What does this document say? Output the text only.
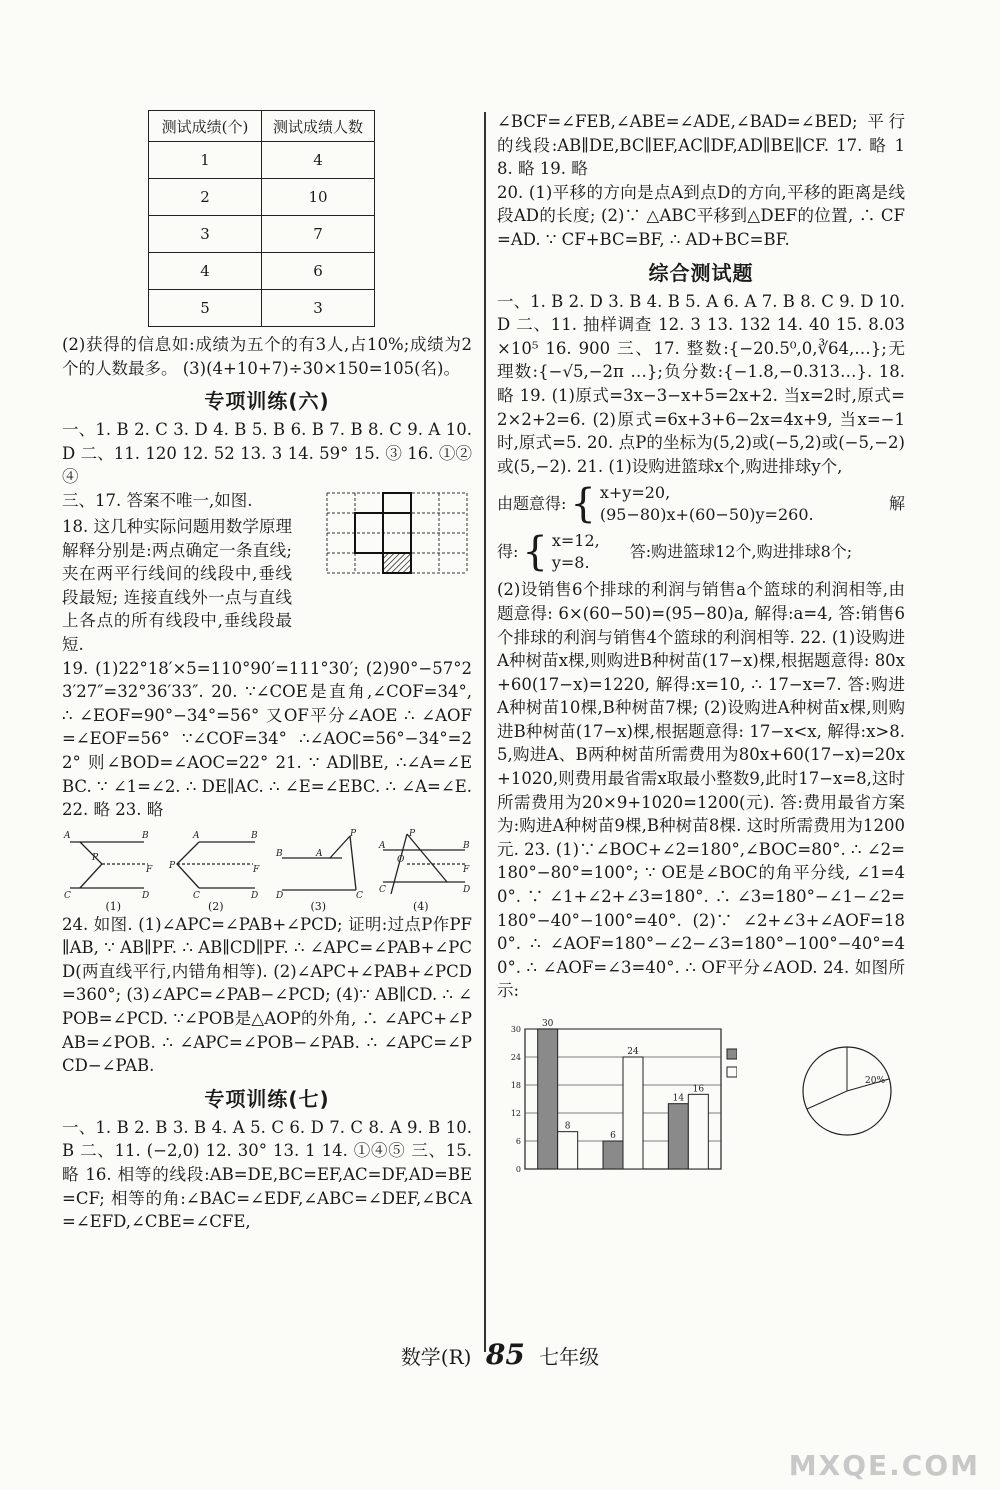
测试成绩(个)	测试成绩人数
1	4
2	10
3	7
4	6
5	3

(2)获得的信息如:成绩为五个的有3人,占10%;成绩为2个的人数最多。 (3)(4+10+7)÷30×150=105(名)。

专项训练(六)

一、1. B 2. C 3. D 4. B 5. B 6. B 7. B 8. C 9. A 10. D 二、11. 120 12. 52 13. 3 14. 59° 15. ③ 16. ①②④

三、17. 答案不唯一,如图.

18. 这几种实际问题用数学原理解释分别是:两点确定一条直线;夹在两平行线间的线段中,垂线段最短; 连接直线外一点与直线上各点的所有线段中,垂线段最短.

19. (1)22°18′×5=110°90′=111°30′; (2)90°−57°23′27″=32°36′33″. 20. ∵∠COE是直角,∠COF=34°, ∴ ∠EOF=90°−34°=56° 又OF平分∠AOE ∴ ∠AOF=∠EOF=56° ∵∠COF=34° ∴∠AOC=56°−34°=22° 则∠BOD=∠AOC=22° 21. ∵ AD∥BE, ∴∠A=∠EBC. ∵ ∠1=∠2. ∴ DE∥AC. ∴ ∠E=∠EBC. ∴ ∠A=∠E. 22. 略 23. 略

A	B
C	D
P
F
A	B
C	D
P	F
B	A
P
D	C
P
A	B
C	D
O
F
(1)	(2)	(3)	(4)

24. 如图. (1)∠APC=∠PAB+∠PCD; 证明:过点P作PF∥AB, ∵ AB∥PF. ∴ AB∥CD∥PF. ∴ ∠APC=∠PAB+∠PCD(两直线平行,内错角相等). (2)∠APC+∠PAB+∠PCD=360°; (3)∠APC=∠PAB−∠PCD; (4)∵ AB∥CD. ∴ ∠POB=∠PCD. ∵∠POB是△AOP的外角, ∴ ∠APC+∠PAB=∠POB. ∴ ∠APC=∠POB−∠PAB. ∴ ∠APC=∠PCD−∠PAB.

专项训练(七)

一、1. B 2. B 3. B 4. A 5. C 6. D 7. C 8. A 9. B 10. B 二、11. (−2,0) 12. 30° 13. 1 14. ①④⑤ 三、15. 略 16. 相等的线段:AB=DE,BC=EF,AC=DF,AD=BE=CF; 相等的角:∠BAC=∠EDF,∠ABC=∠DEF,∠BCA=∠EFD,∠CBE=∠CFE,

∠BCF=∠FEB,∠ABE=∠ADE,∠BAD=∠BED; 平行的线段:AB∥DE,BC∥EF,AC∥DF,AD∥BE∥CF. 17. 略 18. 略 19. 略

20. (1)平移的方向是点A到点D的方向,平移的距离是线段AD的长度; (2)∵ △ABC平移到△DEF的位置, ∴ CF=AD. ∵ CF+BC=BF, ∴ AD+BC=BF.

综合测试题

一、1. B 2. D 3. B 4. B 5. A 6. A 7. B 8. C 9. D 10. D 二、11. 抽样调查 12. 3 13. 132 14. 40 15. 8.03×10⁵ 16. 900 三、17. 整数:{−20.5⁰,0,∛64,…};无理数:{−√5,−2π …};负分数:{−1.8,−0.313…}. 18. 略 19. (1)原式=3x−3−x+5=2x+2. 当x=2时,原式=2×2+2=6. (2)原式=6x+3+6−2x=4x+9, 当x=−1时,原式=5. 20. 点P的坐标为(5,2)或(−5,2)或(−5,−2)或(5,−2). 21. (1)设购进篮球x个,购进排球y个,

由题意得: { x+y=20,
(95−80)x+(60−50)y=260.
解
得: { x=12,
y=8.
答:购进篮球12个,购进排球8个;

(2)设销售6个排球的利润与销售a个篮球的利润相等,由题意得: 6×(60−50)=(95−80)a, 解得:a=4, 答:销售6个排球的利润与销售4个篮球的利润相等. 22. (1)设购进A种树苗x棵,则购进B种树苗(17−x)棵,根据题意得: 80x+60(17−x)=1220, 解得:x=10, ∴ 17−x=7. 答:购进A种树苗10棵,B种树苗7棵; (2)设购进A种树苗x棵,则购进B种树苗(17−x)棵,根据题意得: 17−x<x, 解得:x>8.5,购进A、B两种树苗所需费用为80x+60(17−x)=20x+1020,则费用最省需x取最小整数9,此时17−x=8,这时所需费用为20×9+1020=1200(元). 答:费用最省方案为:购进A种树苗9棵,B种树苗8棵. 这时所需费用为1200元. 23. (1)∵∠BOC+∠2=180°,∠BOC=80°. ∴ ∠2=180°−80°=100°; ∵ OE是∠BOC的角平分线, ∠1=40°. ∵ ∠1+∠2+∠3=180°. ∴ ∠3=180°−∠1−∠2=180°−40°−100°=40°. (2)∵ ∠2+∠3+∠AOF=180°. ∴ ∠AOF=180°−∠2−∠3=180°−100°−40°=40°. ∴ ∠AOF=∠3=40°. ∴ OF平分∠AOD. 24. 如图所示:

0
6
12
18
24
30
30
8
6
24
14
16
20%
数学(R) 85 七年级
MXQE.COM
